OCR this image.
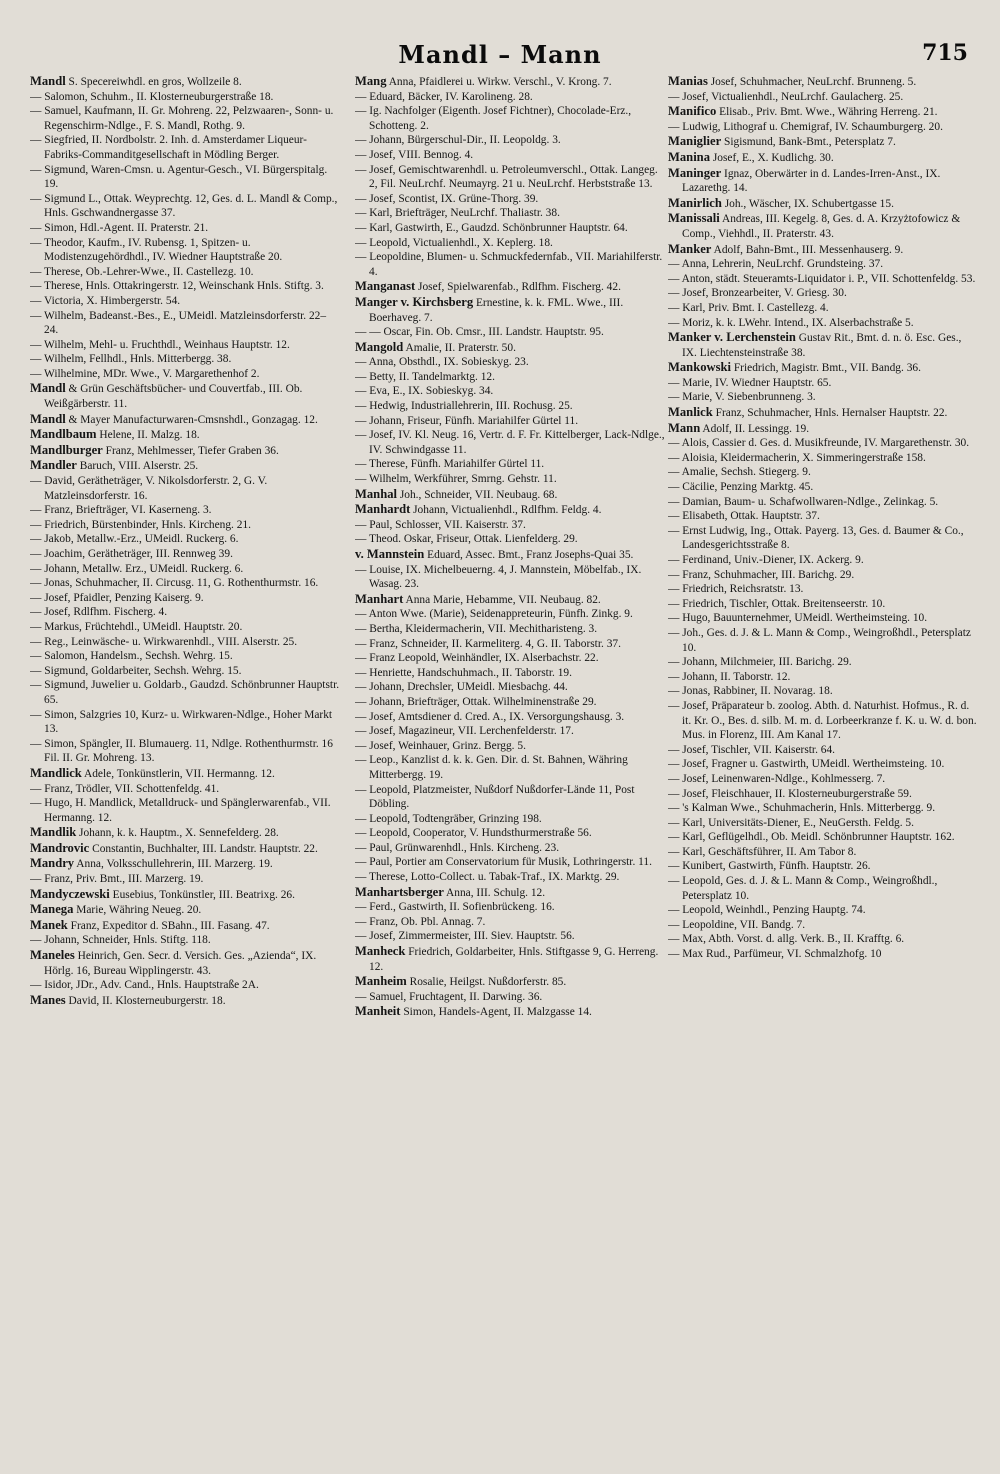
Mandl – Mann	715
Mandl S. Specereiwhdl. en gros, Wollzeile 8.
— Salomon, Schuhm., II. Klosterneuburgerstraße 18.
— Samuel, Kaufmann, II. Gr. Mohreng. 22, Pelzwaaren-, Sonn- u. Regenschirm-Ndlge., F. S. Mandl, Rothg. 9.
— Siegfried, II. Nordbolstr. 2. Inh. d. Amsterdamer Liqueur-Fabriks-Commanditgesellschaft in Mödling Berger.
— Sigmund, Waren-Cmsn. u. Agentur-Gesch., VI. Bürgerspitalg. 19.
— Sigmund L., Ottak. Weyprechtg. 12, Ges. d. L. Mandl & Comp., Hnls. Gschwandnergasse 37.
— Simon, Hdl.-Agent. II. Praterstr. 21.
— Theodor, Kaufm., IV. Rubensg. 1, Spitzen- u. Modistenzugehördhdl., IV. Wiedner Hauptstraße 20.
— Therese, Ob.-Lehrer-Wwe., II. Castellezg. 10.
— Therese, Hnls. Ottakringerstr. 12, Weinschank Hnls. Stiftg. 3.
— Victoria, X. Himbergerstr. 54.
— Wilhelm, Badeanst.-Bes., E., UMeidl. Matzleinsdorferstr. 22–24.
— Wilhelm, Mehl- u. Fruchthdl., Weinhaus Hauptstr. 12.
— Wilhelm, Fellhdl., Hnls. Mitterbergg. 38.
— Wilhelmine, MDr. Wwe., V. Margarethenhof 2.
Mandl & Grün Geschäftsbücher- und Couvertfab., III. Ob. Weißgärberstr. 11.
Mandl & Mayer Manufacturwaren-Cmsnshdl., Gonzagag. 12.
Mandlbaum Helene, II. Malzg. 18.
Mandlburger Franz, Mehlmesser, Tiefer Graben 36.
Mandler Baruch, VIII. Alserstr. 25.
— David, Gerätheträger, V. Nikolsdorferstr. 2, G. V. Matzleinsdorferstr. 16.
— Franz, Briefträger, VI. Kaserneng. 3.
— Friedrich, Bürstenbinder, Hnls. Kircheng. 21.
— Jakob, Metallw.-Erz., UMeidl. Ruckerg. 6.
— Joachim, Gerätheträger, III. Rennweg 39.
— Johann, Metallw. Erz., UMeidl. Ruckerg. 6.
— Jonas, Schuhmacher, II. Circusg. 11, G. Rothenthurmstr. 16.
— Josef, Pfaidler, Penzing Kaiserg. 9.
— Josef, Rdlfhm. Fischerg. 4.
— Markus, Früchtehdl., UMeidl. Hauptstr. 20.
— Reg., Leinwäsche- u. Wirkwarenhdl., VIII. Alserstr. 25.
— Salomon, Handelsm., Sechsh. Wehrg. 15.
— Sigmund, Goldarbeiter, Sechsh. Wehrg. 15.
— Sigmund, Juwelier u. Goldarb., Gaudzd. Schönbrunner Hauptstr. 65.
— Simon, Salzgries 10, Kurz- u. Wirkwaren-Ndlge., Hoher Markt 13.
— Simon, Spängler, II. Blumauerg. 11, Ndlge. Rothenthurmstr. 16 Fil. II. Gr. Mohreng. 13.
Mandlick Adele, Tonkünstlerin, VII. Hermanng. 12.
— Franz, Trödler, VII. Schottenfeldg. 41.
— Hugo, H. Mandlick, Metalldruck- und Spänglerwarenfab., VII. Hermanng. 12.
Mandlik Johann, k. k. Hauptm., X. Sennefelderg. 28.
Mandrovic Constantin, Buchhalter, III. Landstr. Hauptstr. 22.
Mandry Anna, Volksschullehrerin, III. Marzerg. 19.
— Franz, Priv. Bmt., III. Marzerg. 19.
Mandyczewski Eusebius, Tonkünstler, III. Beatrixg. 26.
Manega Marie, Währing Neueg. 20.
Manek Franz, Expeditor d. SBahn., III. Fasang. 47.
— Johann, Schneider, Hnls. Stiftg. 118.
Maneles Heinrich, Gen. Secr. d. Versich. Ges. „Azienda“, IX. Hörlg. 16, Bureau Wipplingerstr. 43.
— Isidor, JDr., Adv. Cand., Hnls. Hauptstraße 2A.
Manes David, II. Klosterneuburgerstr. 18.
Mang Anna, Pfaidlerei u. Wirkw. Verschl., V. Krong. 7.
— Eduard, Bäcker, IV. Karolineng. 28.
— Ig. Nachfolger (Eigenth. Josef Fichtner), Chocolade-Erz., Schotteng. 2.
— Johann, Bürgerschul-Dir., II. Leopoldg. 3.
— Josef, VIII. Bennog. 4.
— Josef, Gemischtwarenhdl. u. Petroleumverschl., Ottak. Langeg. 2, Fil. NeuLrchf. Neumayrg. 21 u. NeuLrchf. Herbststraße 13.
— Josef, Scontist, IX. Grüne-Thorg. 39.
— Karl, Briefträger, NeuLrchf. Thaliastr. 38.
— Karl, Gastwirth, E., Gaudzd. Schönbrunner Hauptstr. 64.
— Leopold, Victualienhdl., X. Keplerg. 18.
— Leopoldine, Blumen- u. Schmuckfedernfab., VII. Mariahilferstr. 4.
Manganast Josef, Spielwarenfab., Rdlfhm. Fischerg. 42.
Manger v. Kirchsberg Ernestine, k. k. FML. Wwe., III. Boerhaveg. 7.
— — Oscar, Fin. Ob. Cmsr., III. Landstr. Hauptstr. 95.
Mangold Amalie, II. Praterstr. 50.
— Anna, Obsthdl., IX. Sobieskyg. 23.
— Betty, II. Tandelmarktg. 12.
— Eva, E., IX. Sobieskyg. 34.
— Hedwig, Industriallehrerin, III. Rochusg. 25.
— Johann, Friseur, Fünfh. Mariahilfer Gürtel 11.
— Josef, IV. Kl. Neug. 16, Vertr. d. F. Fr. Kittelberger, Lack-Ndlge., IV. Schwindgasse 11.
— Therese, Fünfh. Mariahilfer Gürtel 11.
— Wilhelm, Werkführer, Smrng. Gehstr. 11.
Manhal Joh., Schneider, VII. Neubaug. 68.
Manhardt Johann, Victualienhdl., Rdlfhm. Feldg. 4.
— Paul, Schlosser, VII. Kaiserstr. 37.
— Theod. Oskar, Friseur, Ottak. Lienfelderg. 29.
v. Mannstein Eduard, Assec. Bmt., Franz Josephs-Quai 35.
— Louise, IX. Michelbeuerng. 4, J. Mannstein, Möbelfab., IX. Wasag. 23.
Manhart Anna Marie, Hebamme, VII. Neubaug. 82.
— Anton Wwe. (Marie), Seidenappreteurin, Fünfh. Zinkg. 9.
— Bertha, Kleidermacherin, VII. Mechitharisteng. 3.
— Franz, Schneider, II. Karmeliterg. 4, G. II. Taborstr. 37.
— Franz Leopold, Weinhändler, IX. Alserbachstr. 22.
— Henriette, Handschuhmach., II. Taborstr. 19.
— Johann, Drechsler, UMeidl. Miesbachg. 44.
— Johann, Briefträger, Ottak. Wilhelminenstraße 29.
— Josef, Amtsdiener d. Cred. A., IX. Versorgungshausg. 3.
— Josef, Magazineur, VII. Lerchenfelderstr. 17.
— Josef, Weinhauer, Grinz. Bergg. 5.
— Leop., Kanzlist d. k. k. Gen. Dir. d. St. Bahnen, Währing Mitterbergg. 19.
— Leopold, Platzmeister, Nußdorf Nußdorfer-Lände 11, Post Döbling.
— Leopold, Todtengräber, Grinzing 198.
— Leopold, Cooperator, V. Hundsthurmerstraße 56.
— Paul, Grünwarenhdl., Hnls. Kircheng. 23.
— Paul, Portier am Conservatorium für Musik, Lothringerstr. 11.
— Therese, Lotto-Collect. u. Tabak-Traf., IX. Marktg. 29.
Manhartsberger Anna, III. Schulg. 12.
— Ferd., Gastwirth, II. Sofienbrückeng. 16.
— Franz, Ob. Pbl. Annag. 7.
— Josef, Zimmermeister, III. Siev. Hauptstr. 56.
Manheck Friedrich, Goldarbeiter, Hnls. Stiftgasse 9, G. Herreng. 12.
Manheim Rosalie, Heilgst. Nußdorferstr. 85.
— Samuel, Fruchtagent, II. Darwing. 36.
Manheit Simon, Handels-Agent, II. Malzgasse 14.
Manias Josef, Schuhmacher, NeuLrchf. Brunneng. 5.
— Josef, Victualienhdl., NeuLrchf. Gaulacherg. 25.
Manifico Elisab., Priv. Bmt. Wwe., Währing Herreng. 21.
— Ludwig, Lithograf u. Chemigraf, IV. Schaumburgerg. 20.
Maniglier Sigismund, Bank-Bmt., Petersplatz 7.
Manina Josef, E., X. Kudlichg. 30.
Maninger Ignaz, Oberwärter in d. Landes-Irren-Anst., IX. Lazarethg. 14.
Manirlich Joh., Wäscher, IX. Schubertgasse 15.
Manissali Andreas, III. Kegelg. 8, Ges. d. A. Krzyżtofowicz & Comp., Viehhdl., II. Praterstr. 43.
Manker Adolf, Bahn-Bmt., III. Messenhauserg. 9.
— Anna, Lehrerin, NeuLrchf. Grundsteing. 37.
— Anton, städt. Steueramts-Liquidator i. P., VII. Schottenfeldg. 53.
— Josef, Bronzearbeiter, V. Griesg. 30.
— Karl, Priv. Bmt. I. Castellezg. 4.
— Moriz, k. k. LWehr. Intend., IX. Alserbachstraße 5.
Manker v. Lerchenstein Gustav Rit., Bmt. d. n. ö. Esc. Ges., IX. Liechtensteinstraße 38.
Mankowski Friedrich, Magistr. Bmt., VII. Bandg. 36.
— Marie, IV. Wiedner Hauptstr. 65.
— Marie, V. Siebenbrunneng. 3.
Manlick Franz, Schuhmacher, Hnls. Hernalser Hauptstr. 22.
Mann Adolf, II. Lessingg. 19.
— Alois, Cassier d. Ges. d. Musikfreunde, IV. Margarethenstr. 30.
— Aloisia, Kleidermacherin, X. Simmeringerstraße 158.
— Amalie, Sechsh. Stiegerg. 9.
— Cäcilie, Penzing Marktg. 45.
— Damian, Baum- u. Schafwollwaren-Ndlge., Zelinkag. 5.
— Elisabeth, Ottak. Hauptstr. 37.
— Ernst Ludwig, Ing., Ottak. Payerg. 13, Ges. d. Baumer & Co., Landesgerichtsstraße 8.
— Ferdinand, Univ.-Diener, IX. Ackerg. 9.
— Franz, Schuhmacher, III. Barichg. 29.
— Friedrich, Reichsratstr. 13.
— Friedrich, Tischler, Ottak. Breitenseerstr. 10.
— Hugo, Bauunternehmer, UMeidl. Wertheimsteing. 10.
— Joh., Ges. d. J. & L. Mann & Comp., Weingroßhdl., Petersplatz 10.
— Johann, Milchmeier, III. Barichg. 29.
— Johann, II. Taborstr. 12.
— Jonas, Rabbiner, II. Novarag. 18.
— Josef, Präparateur b. zoolog. Abth. d. Naturhist. Hofmus., R. d. it. Kr. O., Bes. d. silb. M. m. d. Lorbeerkranze f. K. u. W. d. bon. Mus. in Florenz, III. Am Kanal 17.
— Josef, Tischler, VII. Kaiserstr. 64.
— Josef, Fragner u. Gastwirth, UMeidl. Wertheimsteing. 10.
— Josef, Leinenwaren-Ndlge., Kohlmesserg. 7.
— Josef, Fleischhauer, II. Klosterneuburgerstraße 59.
— 's Kalman Wwe., Schuhmacherin, Hnls. Mitterbergg. 9.
— Karl, Universitäts-Diener, E., NeuGersth. Feldg. 5.
— Karl, Geflügelhdl., Ob. Meidl. Schönbrunner Hauptstr. 162.
— Karl, Geschäftsführer, II. Am Tabor 8.
— Kunibert, Gastwirth, Fünfh. Hauptstr. 26.
— Leopold, Ges. d. J. & L. Mann & Comp., Weingroßhdl., Petersplatz 10.
— Leopold, Weinhdl., Penzing Hauptg. 74.
— Leopoldine, VII. Bandg. 7.
— Max, Abth. Vorst. d. allg. Verk. B., II. Krafftg. 6.
— Max Rud., Parfümeur, VI. Schmalzhofg. 10
